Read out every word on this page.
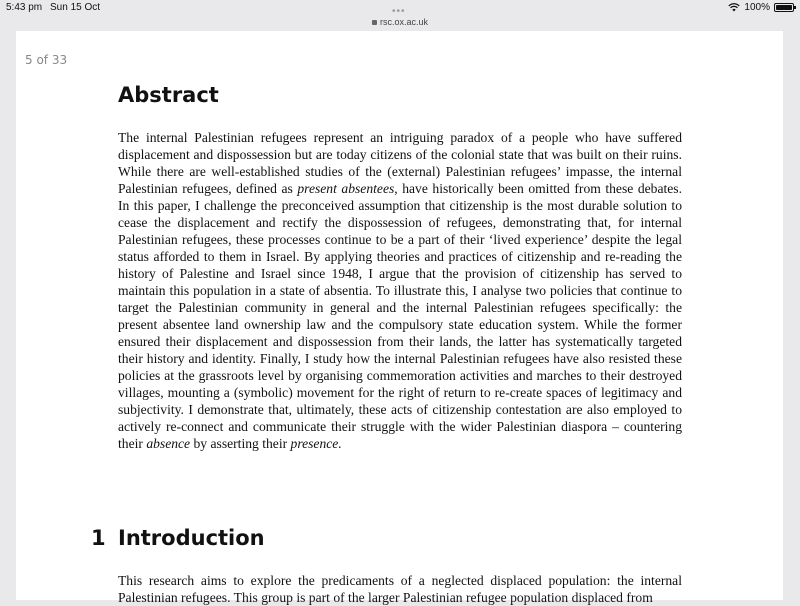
5:43 pm Sun 15 Oct	100%
•••
rsc.ox.ac.uk
5 of 33
Abstract

The internal Palestinian refugees represent an intriguing paradox of a people who have suffered displacement and dispossession but are today citizens of the colonial state that was built on their ruins. While there are well-established studies of the (external) Palestinian refugees’ impasse, the internal Palestinian refugees, defined as present absentees, have historically been omitted from these debates. In this paper, I challenge the preconceived assumption that citizenship is the most durable solution to cease the displacement and rectify the dispossession of refugees, demonstrating that, for internal Palestinian refugees, these processes continue to be a part of their ‘lived experience’ despite the legal status afforded to them in Israel. By applying theories and practices of citizenship and re-reading the history of Palestine and Israel since 1948, I argue that the provision of citizenship has served to maintain this population in a state of absentia. To illustrate this, I analyse two policies that continue to target the Palestinian community in general and the internal Palestinian refugees specifically: the present absentee land ownership law and the compulsory state education system. While the former ensured their displacement and dispossession from their lands, the latter has systematically targeted their history and identity. Finally, I study how the internal Palestinian refugees have also resisted these policies at the grassroots level by organising commemoration activities and marches to their destroyed villages, mounting a (symbolic) movement for the right of return to re-create spaces of legitimacy and subjectivity. I demonstrate that, ultimately, these acts of citizenship contestation are also employed to actively re-connect and communicate their struggle with the wider Palestinian diaspora – countering their absence by asserting their presence.

1 Introduction

This research aims to explore the predicaments of a neglected displaced population: the internal Palestinian refugees. This group is part of the larger Palestinian refugee population displaced from
